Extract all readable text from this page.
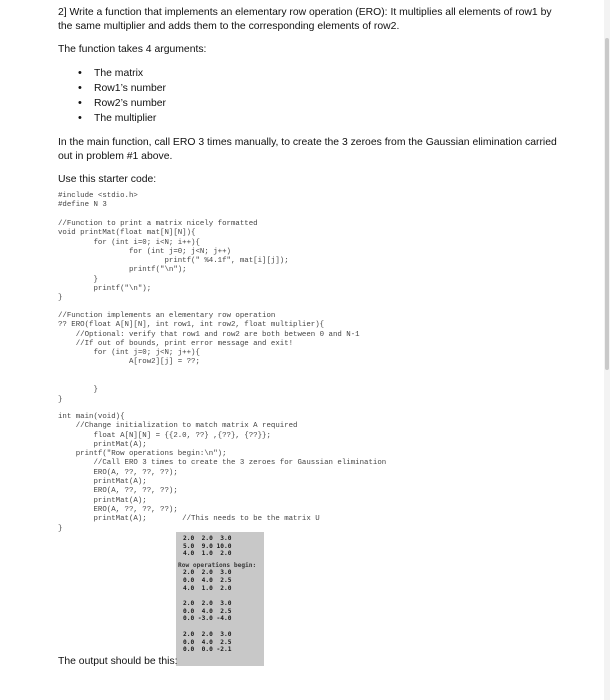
2] Write a function that implements an elementary row operation (ERO): It multiplies all elements of row1 by
the same multiplier and adds them to the corresponding elements of row2.
The function takes 4 arguments:
• The matrix
• Row1’s number
• Row2’s number
• The multiplier
In the main function, call ERO 3 times manually, to create the 3 zeroes from the Gaussian elimination carried
out in problem #1 above.
Use this starter code:
#include <stdio.h>
#define N 3
//Function to print a matrix nicely formatted
void printMat(float mat[N][N]){
for (int i=0; i<N; i++){
for (int j=0; j<N; j++)
printf(" %4.1f", mat[i][j]);
printf("\n");
}
printf("\n");
}
//Function implements an elementary row operation
?? ERO(float A[N][N], int row1, int row2, float multiplier){
//Optional: verify that row1 and row2 are both between 0 and N-1
//If out of bounds, print error message and exit!
for (int j=0; j<N; j++){
A[row2][j] = ??;

}
}
int main(void){
//Change initialization to match matrix A required
float A[N][N] = {{2.0, ??} ,{??}, {??}};
printMat(A);
printf("Row operations begin:\n");
//Call ERO 3 times to create the 3 zeroes for Gaussian elimination
ERO(A, ??, ??, ??);
printMat(A);
ERO(A, ??, ??, ??);
printMat(A);
ERO(A, ??, ??, ??);
printMat(A);        //This needs to be the matrix U
}
2.0  2.0  3.0
5.0  9.0 10.0
4.0  1.0  2.0
Row operations begin:
2.0  2.0  3.0
0.0  4.0  2.5
4.0  1.0  2.0
2.0  2.0  3.0
0.0  4.0  2.5
0.0 -3.0 -4.0
2.0  2.0  3.0
0.0  4.0  2.5
0.0  0.0 -2.1
The output should be this:
